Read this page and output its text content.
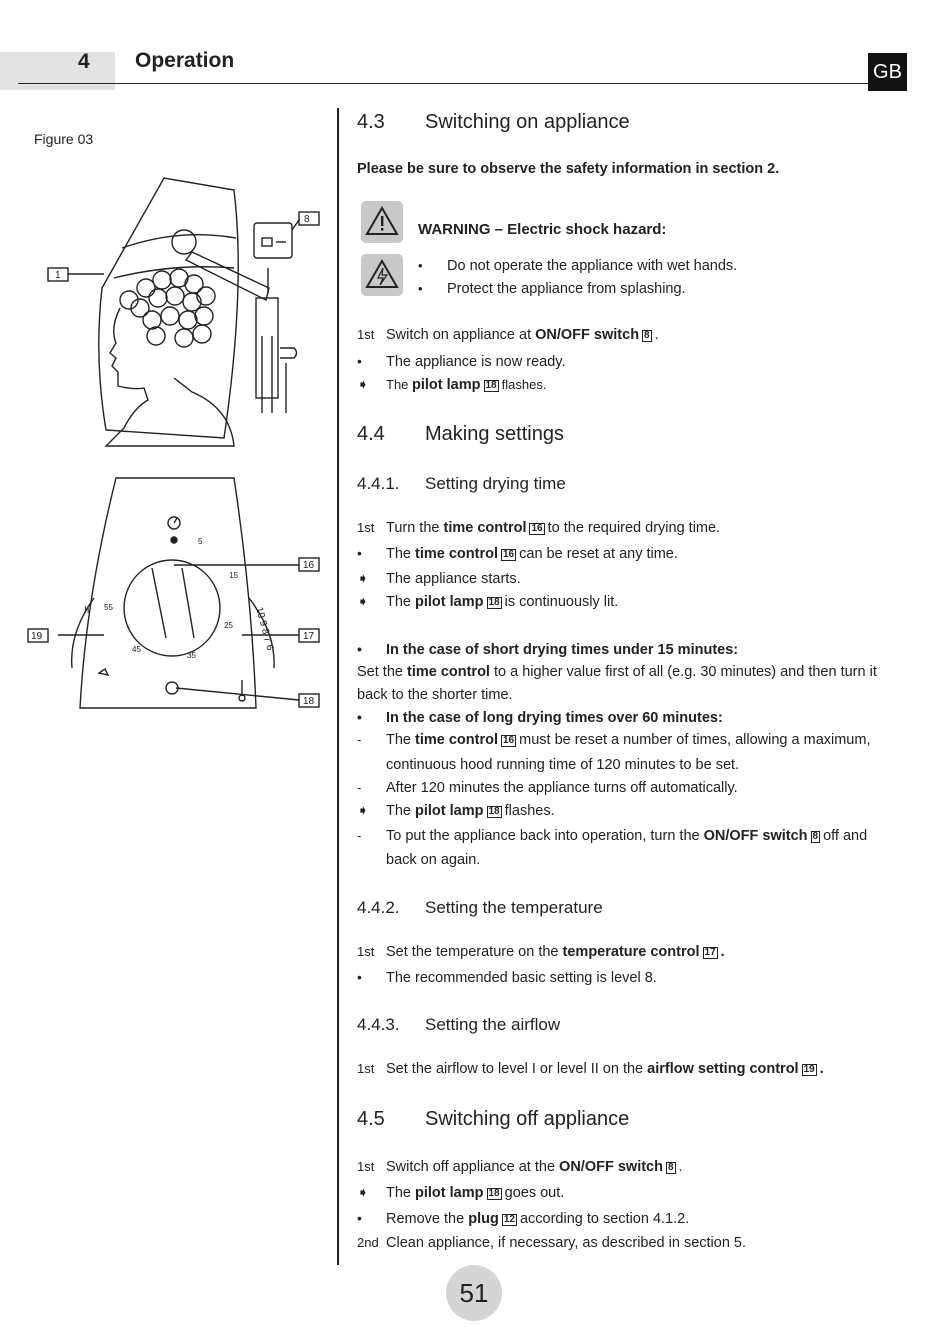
4 Operation	GB
Figure 03
8
1
16
17
18
19
5
15
25
35
45
55	10 9 8 7 6
II
4.3 Switching on appliance
Please be sure to observe the safety information in section 2.
WARNING – Electric shock hazard:
• Do not operate the appliance with wet hands.
• Protect the appliance from splashing.
1st Switch on appliance at ON/OFF switch 8 .
• The appliance is now ready.
➧ The pilot lamp 18 flashes.
4.4 Making settings
4.4.1. Setting drying time
1st Turn the time control 16 to the required drying time.
• The time control 16 can be reset at any time.
➧ The appliance starts.
➧ The pilot lamp 18 is continuously lit.
• In the case of short drying times under 15 minutes:
Set the time control to a higher value first of all (e.g. 30 minutes) and then turn it
back to the shorter time.
• In the case of long drying times over 60 minutes:
- The time control 16 must be reset a number of times, allowing a maximum,
continuous hood running time of 120 minutes to be set.
- After 120 minutes the appliance turns off automatically.
➧ The pilot lamp 18 flashes.
- To put the appliance back into operation, turn the ON/OFF switch 8 off and
back on again.
4.4.2. Setting the temperature
1st Set the temperature on the temperature control 17 .
• The recommended basic setting is level 8.
4.4.3. Setting the airflow
1st Set the airflow to level I or level II on the airflow setting control 19 .
4.5 Switching off appliance
1st Switch off appliance at the ON/OFF switch 8 .
➧ The pilot lamp 18 goes out.
• Remove the plug 12 according to section 4.1.2.
2nd Clean appliance, if necessary, as described in section 5.
51
